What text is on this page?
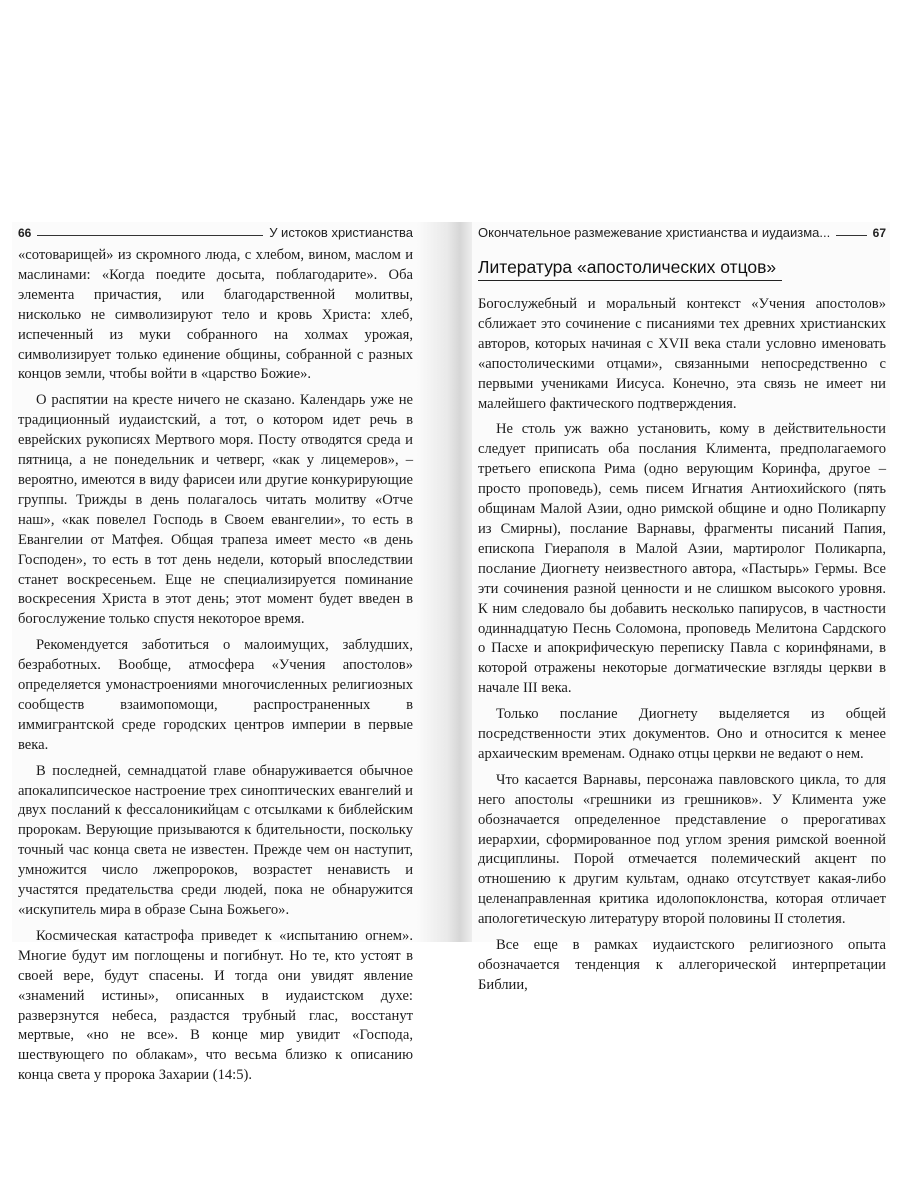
66	У истоков христианства

«сотоварищей» из скромного люда, с хлебом, вином, маслом и маслинами: «Когда поедите досыта, поблагодарите». Оба элемента причастия, или благодарственной молитвы, нисколько не символизируют тело и кровь Христа: хлеб, испеченный из муки собранного на холмах урожая, символизирует только единение общины, собранной с разных концов земли, чтобы войти в «царство Божие».

О распятии на кресте ничего не сказано. Календарь уже не традиционный иудаистский, а тот, о котором идет речь в еврейских рукописях Мертвого моря. Посту отводятся среда и пятница, а не понедельник и четверг, «как у лицемеров», – вероятно, имеются в виду фарисеи или другие конкурирующие группы. Трижды в день полагалось читать молитву «Отче наш», «как повелел Господь в Своем евангелии», то есть в Евангелии от Матфея. Общая трапеза имеет место «в день Господен», то есть в тот день недели, который впоследствии станет воскресеньем. Еще не специализируется поминание воскресения Христа в этот день; этот момент будет введен в богослужение только спустя некоторое время.

Рекомендуется заботиться о малоимущих, заблудших, безработных. Вообще, атмосфера «Учения апостолов» определяется умонастроениями многочисленных религиозных сообществ взаимопомощи, распространенных в иммигрантской среде городских центров империи в первые века.

В последней, семнадцатой главе обнаруживается обычное апокалипсическое настроение трех синоптических евангелий и двух посланий к фессалоникийцам с отсылками к библейским пророкам. Верующие призываются к бдительности, поскольку точный час конца света не известен. Прежде чем он наступит, умножится число лжепророков, возрастет ненависть и участятся предательства среди людей, пока не обнаружится «искупитель мира в образе Сына Божьего».

Космическая катастрофа приведет к «испытанию огнем». Многие будут им поглощены и погибнут. Но те, кто устоят в своей вере, будут спасены. И тогда они увидят явление «знамений истины», описанных в иудаистском духе: разверзнутся небеса, раздастся трубный глас, восстанут мертвые, «но не все». В конце мир увидит «Господа, шествующего по облакам», что весьма близко к описанию конца света у пророка Захарии (14:5).

Окончательное размежевание христианства и иудаизма...	67
Литература «апостолических отцов»

Богослужебный и моральный контекст «Учения апостолов» сближает это сочинение с писаниями тех древних христианских авторов, которых начиная с XVII века стали условно именовать «апостолическими отцами», связанными непосредственно с первыми учениками Иисуса. Конечно, эта связь не имеет ни малейшего фактического подтверждения.

Не столь уж важно установить, кому в действительности следует приписать оба послания Климента, предполагаемого третьего епископа Рима (одно верующим Коринфа, другое – просто проповедь), семь писем Игнатия Антиохийского (пять общинам Малой Азии, одно римской общине и одно Поликарпу из Смирны), послание Варнавы, фрагменты писаний Папия, епископа Гиераполя в Малой Азии, мартиролог Поликарпа, послание Диогнету неизвестного автора, «Пастырь» Гермы. Все эти сочинения разной ценности и не слишком высокого уровня. К ним следовало бы добавить несколько папирусов, в частности одиннадцатую Песнь Соломона, проповедь Мелитона Сардского о Пасхе и апокрифическую переписку Павла с коринфянами, в которой отражены некоторые догматические взгляды церкви в начале III века.

Только послание Диогнету выделяется из общей посредственности этих документов. Оно и относится к менее архаическим временам. Однако отцы церкви не ведают о нем.

Что касается Варнавы, персонажа павловского цикла, то для него апостолы «грешники из грешников». У Климента уже обозначается определенное представление о прерогативах иерархии, сформированное под углом зрения римской военной дисциплины. Порой отмечается полемический акцент по отношению к другим культам, однако отсутствует какая-либо целенаправленная критика идолопоклонства, которая отличает апологетическую литературу второй половины II столетия.

Все еще в рамках иудаистского религиозного опыта обозначается тенденция к аллегорической интерпретации Библии,
